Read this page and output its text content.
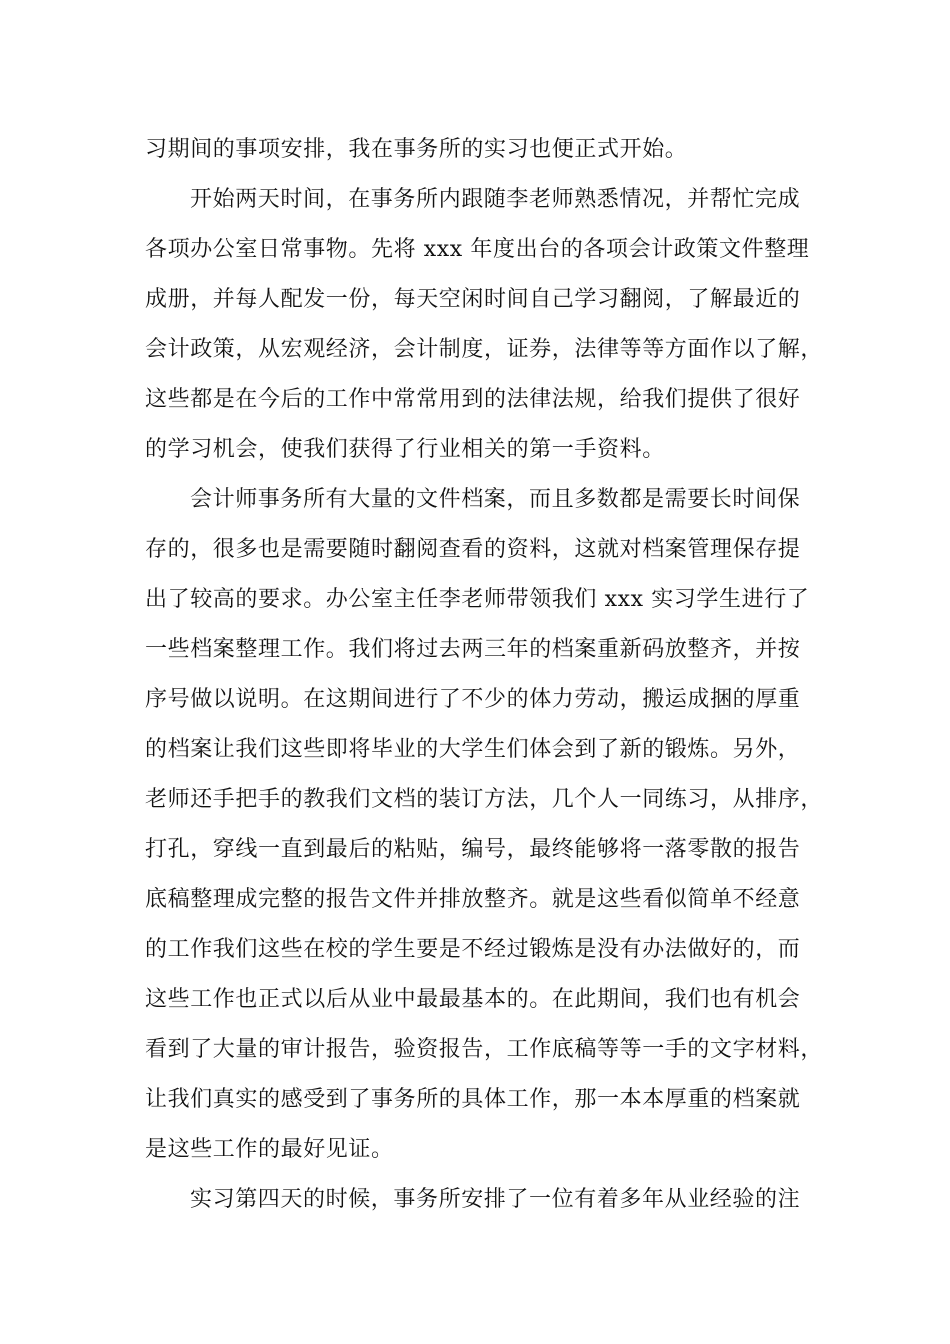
习期间的事项安排，我在事务所的实习也便正式开始。
开始两天时间，在事务所内跟随李老师熟悉情况，并帮忙完成
各项办公室日常事物。先将 xxx 年度出台的各项会计政策文件整理
成册，并每人配发一份，每天空闲时间自己学习翻阅，了解最近的
会计政策，从宏观经济，会计制度，证券，法律等等方面作以了解，
这些都是在今后的工作中常常用到的法律法规，给我们提供了很好
的学习机会，使我们获得了行业相关的第一手资料。
会计师事务所有大量的文件档案，而且多数都是需要长时间保
存的，很多也是需要随时翻阅查看的资料，这就对档案管理保存提
出了较高的要求。办公室主任李老师带领我们 xxx 实习学生进行了
一些档案整理工作。我们将过去两三年的档案重新码放整齐，并按
序号做以说明。在这期间进行了不少的体力劳动，搬运成捆的厚重
的档案让我们这些即将毕业的大学生们体会到了新的锻炼。另外，
老师还手把手的教我们文档的装订方法，几个人一同练习，从排序，
打孔，穿线一直到最后的粘贴，编号，最终能够将一落零散的报告
底稿整理成完整的报告文件并排放整齐。就是这些看似简单不经意
的工作我们这些在校的学生要是不经过锻炼是没有办法做好的，而
这些工作也正式以后从业中最最基本的。在此期间，我们也有机会
看到了大量的审计报告，验资报告，工作底稿等等一手的文字材料，
让我们真实的感受到了事务所的具体工作，那一本本厚重的档案就
是这些工作的最好见证。
实习第四天的时候，事务所安排了一位有着多年从业经验的注
